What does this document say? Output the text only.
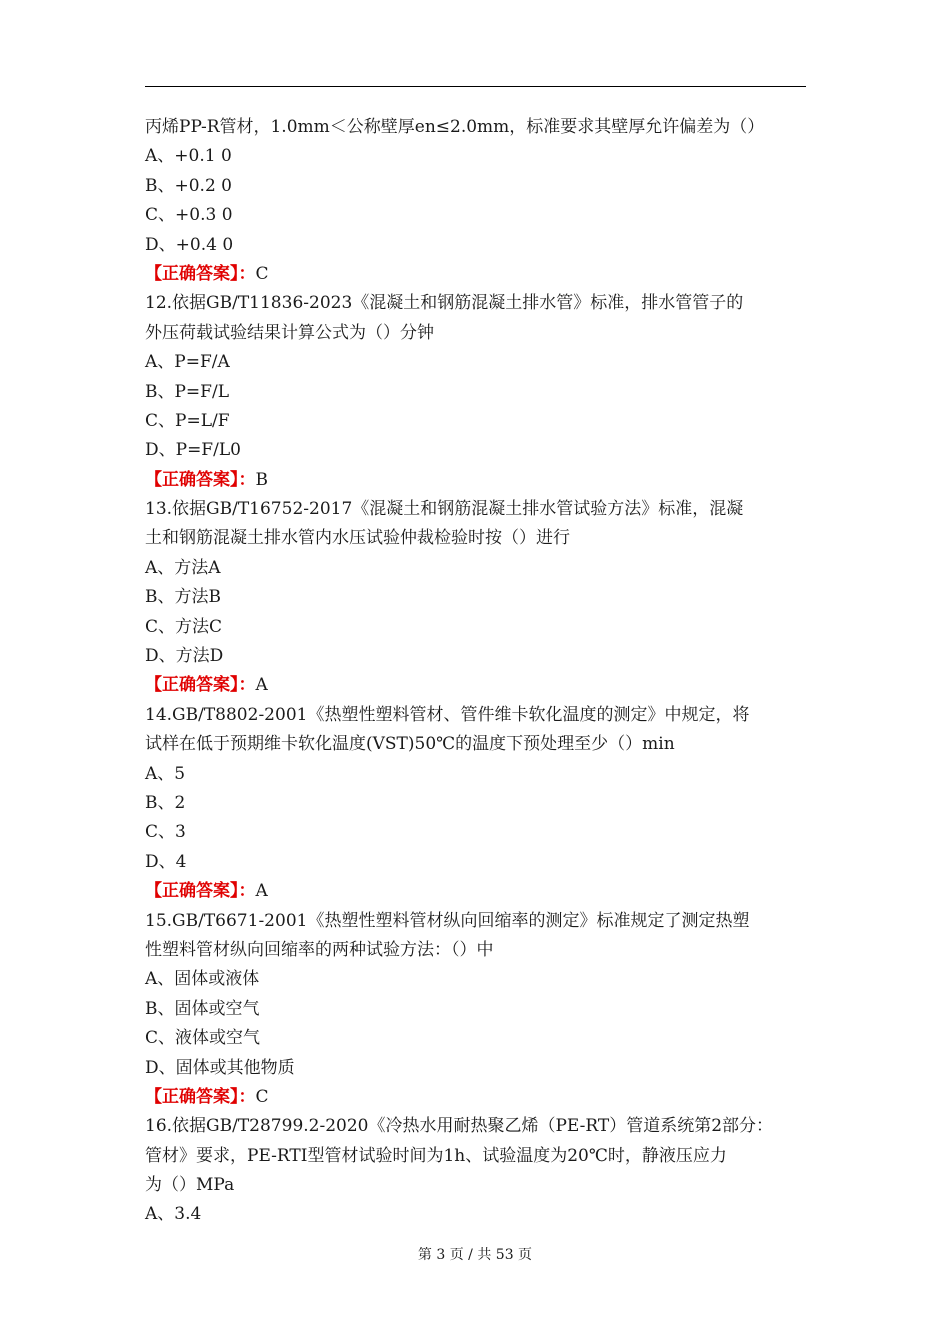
丙烯PP-R管材，1.0mm＜公称壁厚en≤2.0mm，标准要求其壁厚允许偏差为（）
A、+0.1 0
B、+0.2 0
C、+0.3 0
D、+0.4 0
【正确答案】：C
12.依据GB/T11836-2023《混凝土和钢筋混凝土排水管》标准，排水管管子的
外压荷载试验结果计算公式为（）分钟
A、P=F/A
B、P=F/L
C、P=L/F
D、P=F/L0
【正确答案】：B
13.依据GB/T16752-2017《混凝土和钢筋混凝土排水管试验方法》标准，混凝
土和钢筋混凝土排水管内水压试验仲裁检验时按（）进行
A、方法A
B、方法B
C、方法C
D、方法D
【正确答案】：A
14.GB/T8802-2001《热塑性塑料管材、管件维卡软化温度的测定》中规定，将
试样在低于预期维卡软化温度(VST)50℃的温度下预处理至少（）min
A、5
B、2
C、3
D、4
【正确答案】：A
15.GB/T6671-2001《热塑性塑料管材纵向回缩率的测定》标准规定了测定热塑
性塑料管材纵向回缩率的两种试验方法：（）中
A、固体或液体
B、固体或空气
C、液体或空气
D、固体或其他物质
【正确答案】：C
16.依据GB/T28799.2-2020《冷热水用耐热聚乙烯（PE-RT）管道系统第2部分：
管材》要求，PE-RTⅠ型管材试验时间为1h、试验温度为20℃时，静液压应力
为（）MPa
A、3.4
第 3 页 / 共 53 页
